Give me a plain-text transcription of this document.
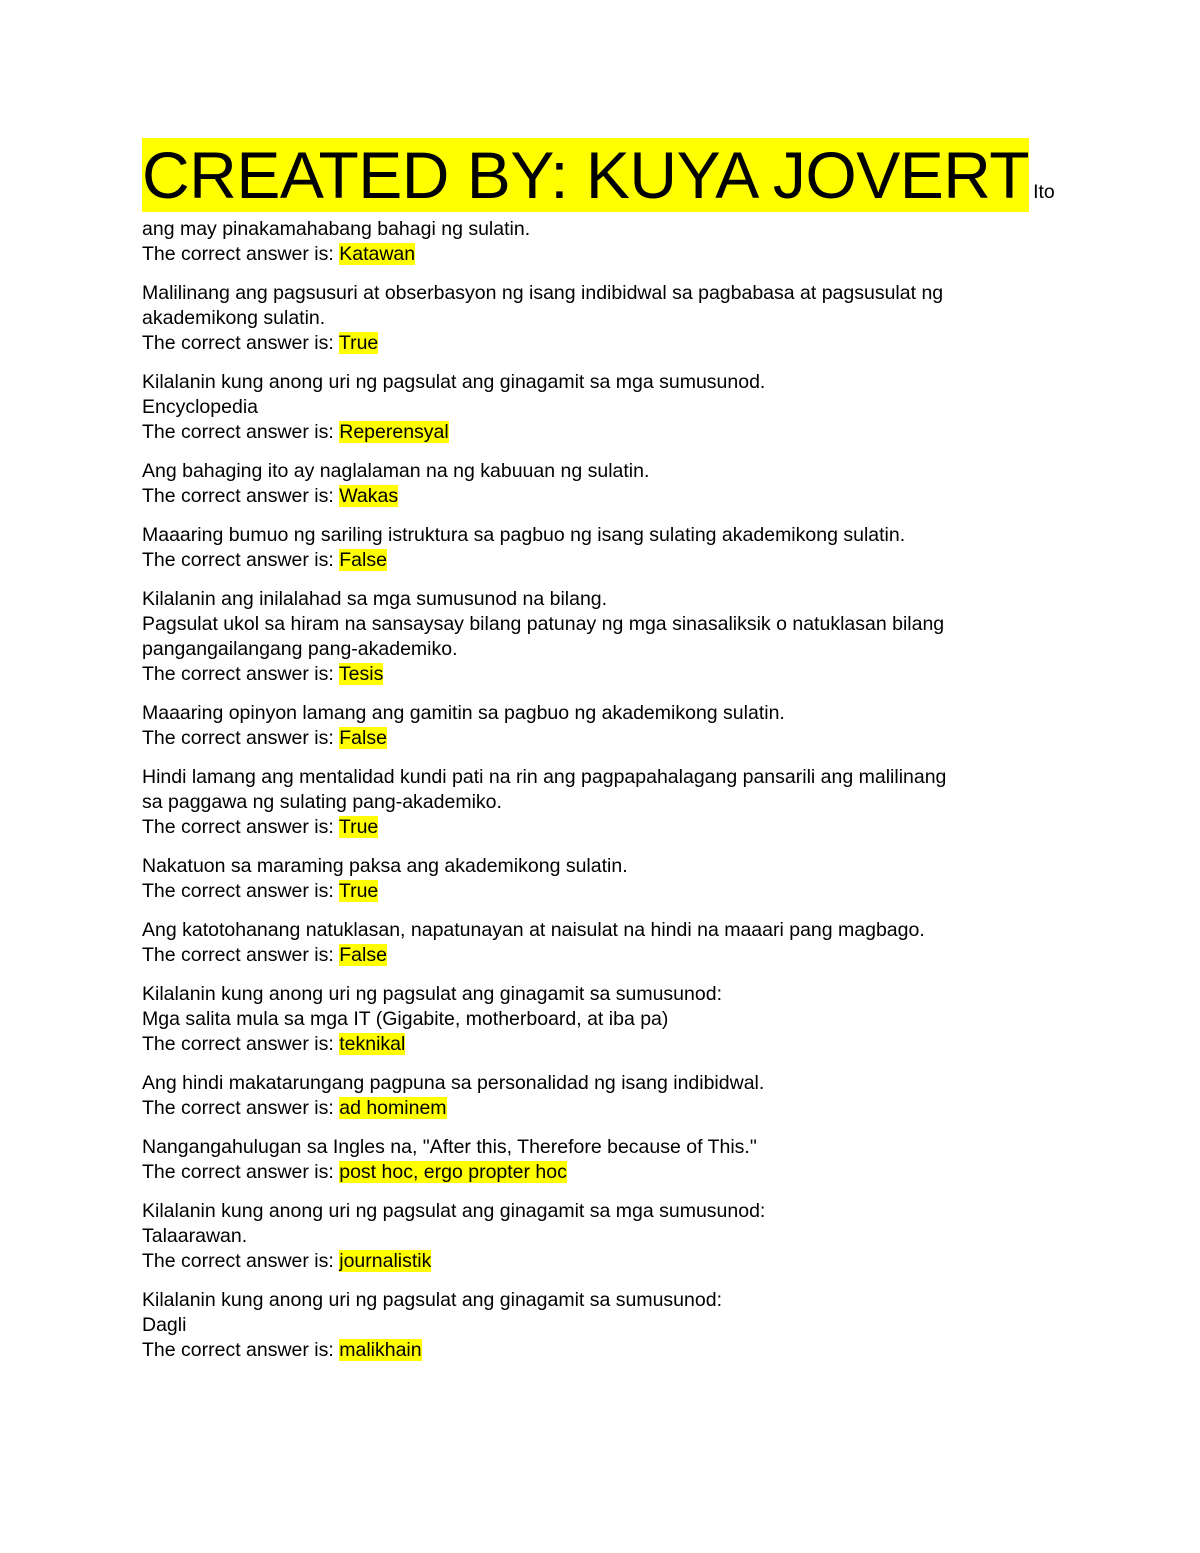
CREATED BY: KUYA JOVERT Ito
ang may pinakamahabang bahagi ng sulatin.
The correct answer is: Katawan
Malilinang ang pagsusuri at obserbasyon ng isang indibidwal sa pagbabasa at pagsusulat ng
akademikong sulatin.
The correct answer is: True
Kilalanin kung anong uri ng pagsulat ang ginagamit sa mga sumusunod.
Encyclopedia
The correct answer is: Reperensyal
Ang bahaging ito ay naglalaman na ng kabuuan ng sulatin.
The correct answer is: Wakas
Maaaring bumuo ng sariling istruktura sa pagbuo ng isang sulating akademikong sulatin.
The correct answer is: False
Kilalanin ang inilalahad sa mga sumusunod na bilang.
Pagsulat ukol sa hiram na sansaysay bilang patunay ng mga sinasaliksik o natuklasan bilang
pangangailangang pang-akademiko.
The correct answer is: Tesis
Maaaring opinyon lamang ang gamitin sa pagbuo ng akademikong sulatin.
The correct answer is: False
Hindi lamang ang mentalidad kundi pati na rin ang pagpapahalagang pansarili ang malilinang
sa paggawa ng sulating pang-akademiko.
The correct answer is: True
Nakatuon sa maraming paksa ang akademikong sulatin.
The correct answer is: True
Ang katotohanang natuklasan, napatunayan at naisulat na hindi na maaari pang magbago.
The correct answer is: False
Kilalanin kung anong uri ng pagsulat ang ginagamit sa sumusunod:
Mga salita mula sa mga IT (Gigabite, motherboard, at iba pa)
The correct answer is: teknikal
Ang hindi makatarungang pagpuna sa personalidad ng isang indibidwal.
The correct answer is: ad hominem
Nangangahulugan sa Ingles na, "After this, Therefore because of This."
The correct answer is: post hoc, ergo propter hoc
Kilalanin kung anong uri ng pagsulat ang ginagamit sa mga sumusunod:
Talaarawan.
The correct answer is: journalistik
Kilalanin kung anong uri ng pagsulat ang ginagamit sa sumusunod:
Dagli
The correct answer is: malikhain
